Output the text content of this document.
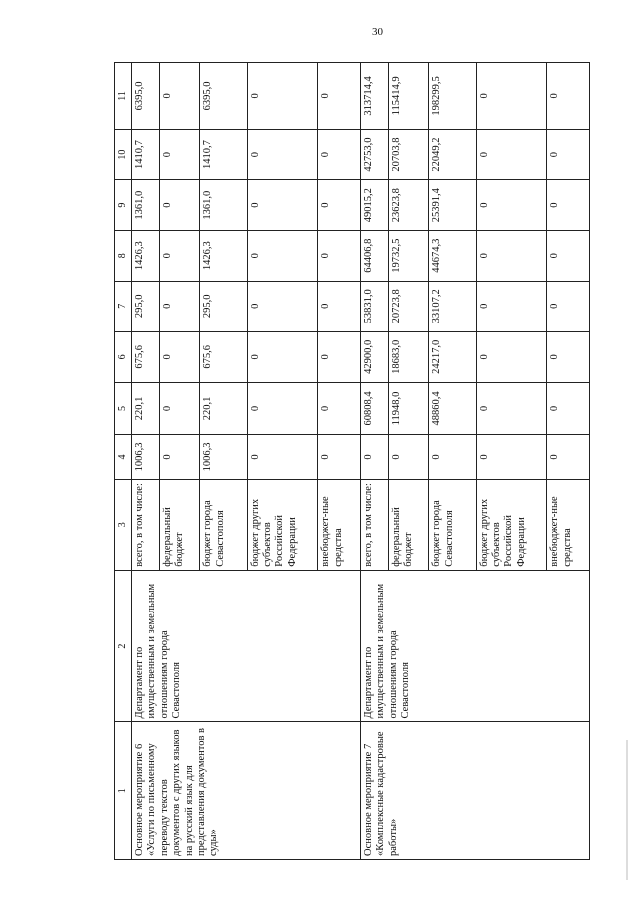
30
1	2	3	4	5	6	7	8	9	10	11
Основное мероприятие 6 «Услуги по письменному переводу текстов документов с других языков на русский язык для представления документов в суды»	Департамент по имущественным и земельным отношениям города Севастополя	всего, в том числе:	1006,3	220,1	675,6	295,0	1426,3	1361,0	1410,7	6395,0
		федеральный бюджет	0	0	0	0	0	0	0	0
		бюджет города Севастополя	1006,3	220,1	675,6	295,0	1426,3	1361,0	1410,7	6395,0
		бюджет других субъектов Российской Федерации	0	0	0	0	0	0	0	0
		внебюджет-ные средства	0	0	0	0	0	0	0	0
Основное мероприятие 7 «Комплексные кадастровые работы»	Департамент по имущественным и земельным отношениям города Севастополя	всего, в том числе:	0	60808,4	42900,0	53831,0	64406,8	49015,2	42753,0	313714,4
		федеральный бюджет	0	11948,0	18683,0	20723,8	19732,5	23623,8	20703,8	115414,9
		бюджет города Севастополя	0	48860,4	24217,0	33107,2	44674,3	25391,4	22049,2	198299,5
		бюджет других субъектов Российской Федерации	0	0	0	0	0	0	0	0
		внебюджет-ные средства	0	0	0	0	0	0	0	0
